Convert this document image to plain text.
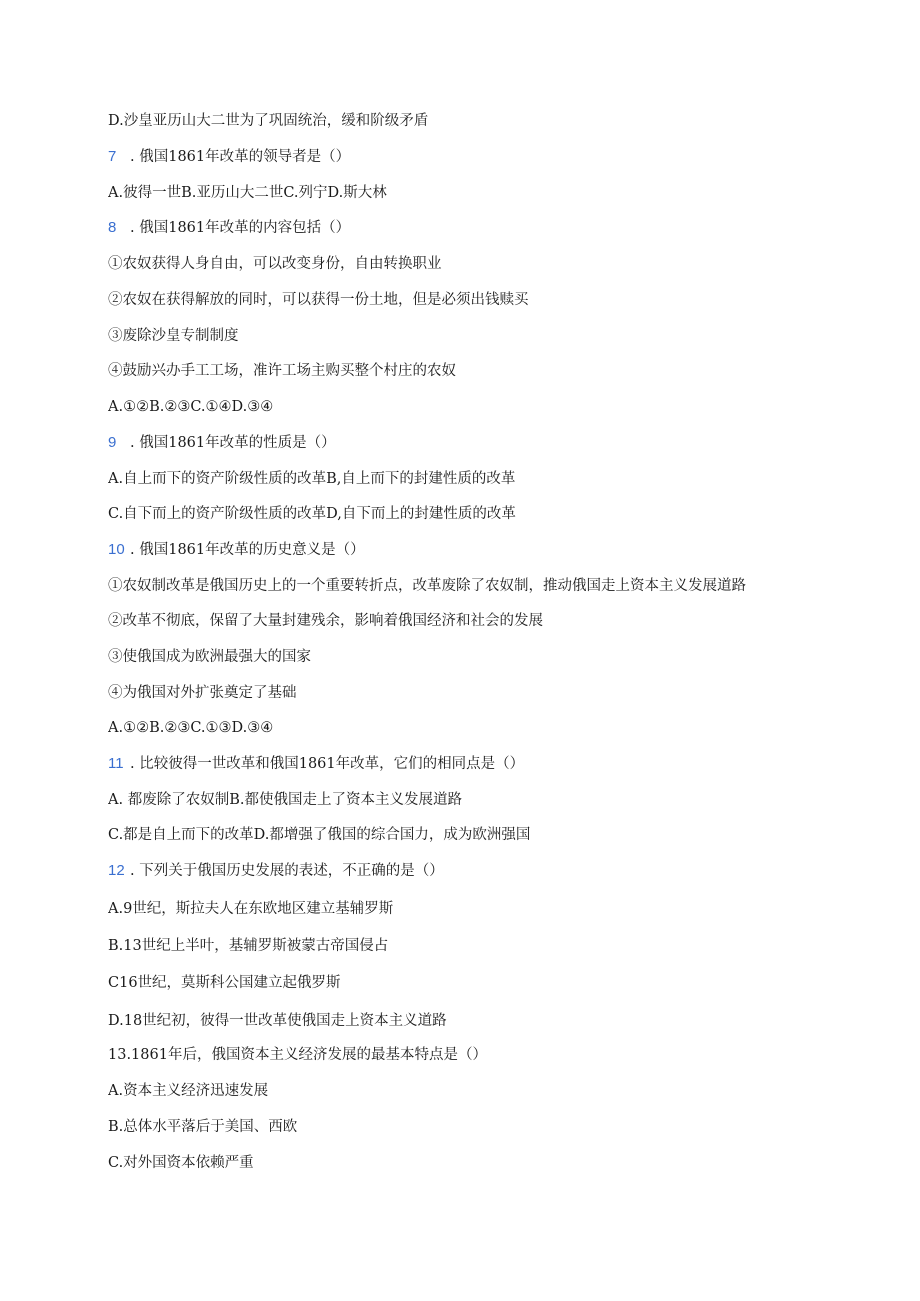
D.沙皇亚历山大二世为了巩固统治，缓和阶级矛盾
7 . 俄国1861年改革的领导者是（）
A.彼得一世B.亚历山大二世C.列宁D.斯大林
8 . 俄国1861年改革的内容包括（）
①农奴获得人身自由，可以改变身份，自由转换职业
②农奴在获得解放的同时，可以获得一份土地，但是必须出钱赎买
③废除沙皇专制制度
④鼓励兴办手工工场，准许工场主购买整个村庄的农奴
A.①②B.②③C.①④D.③④
9 . 俄国1861年改革的性质是（）
A.自上而下的资产阶级性质的改革B,自上而下的封建性质的改革
C.自下而上的资产阶级性质的改革D,自下而上的封建性质的改革
10 . 俄国1861年改革的历史意义是（）
①农奴制改革是俄国历史上的一个重要转折点，改革废除了农奴制，推动俄国走上资本主义发展道路
②改革不彻底，保留了大量封建残余，影响着俄国经济和社会的发展
③使俄国成为欧洲最强大的国家
④为俄国对外扩张奠定了基础
A.①②B.②③C.①③D.③④
11 . 比较彼得一世改革和俄国1861年改革，它们的相同点是（）
A. 都废除了农奴制B.都使俄国走上了资本主义发展道路
C.都是自上而下的改革D.都增强了俄国的综合国力，成为欧洲强国
12 . 下列关于俄国历史发展的表述，不正确的是（）
A.9世纪，斯拉夫人在东欧地区建立基辅罗斯
B.13世纪上半叶，基辅罗斯被蒙古帝国侵占
C16世纪，莫斯科公国建立起俄罗斯
D.18世纪初，彼得一世改革使俄国走上资本主义道路
13.1861年后，俄国资本主义经济发展的最基本特点是（）
A.资本主义经济迅速发展
B.总体水平落后于美国、西欧
C.对外国资本依赖严重
